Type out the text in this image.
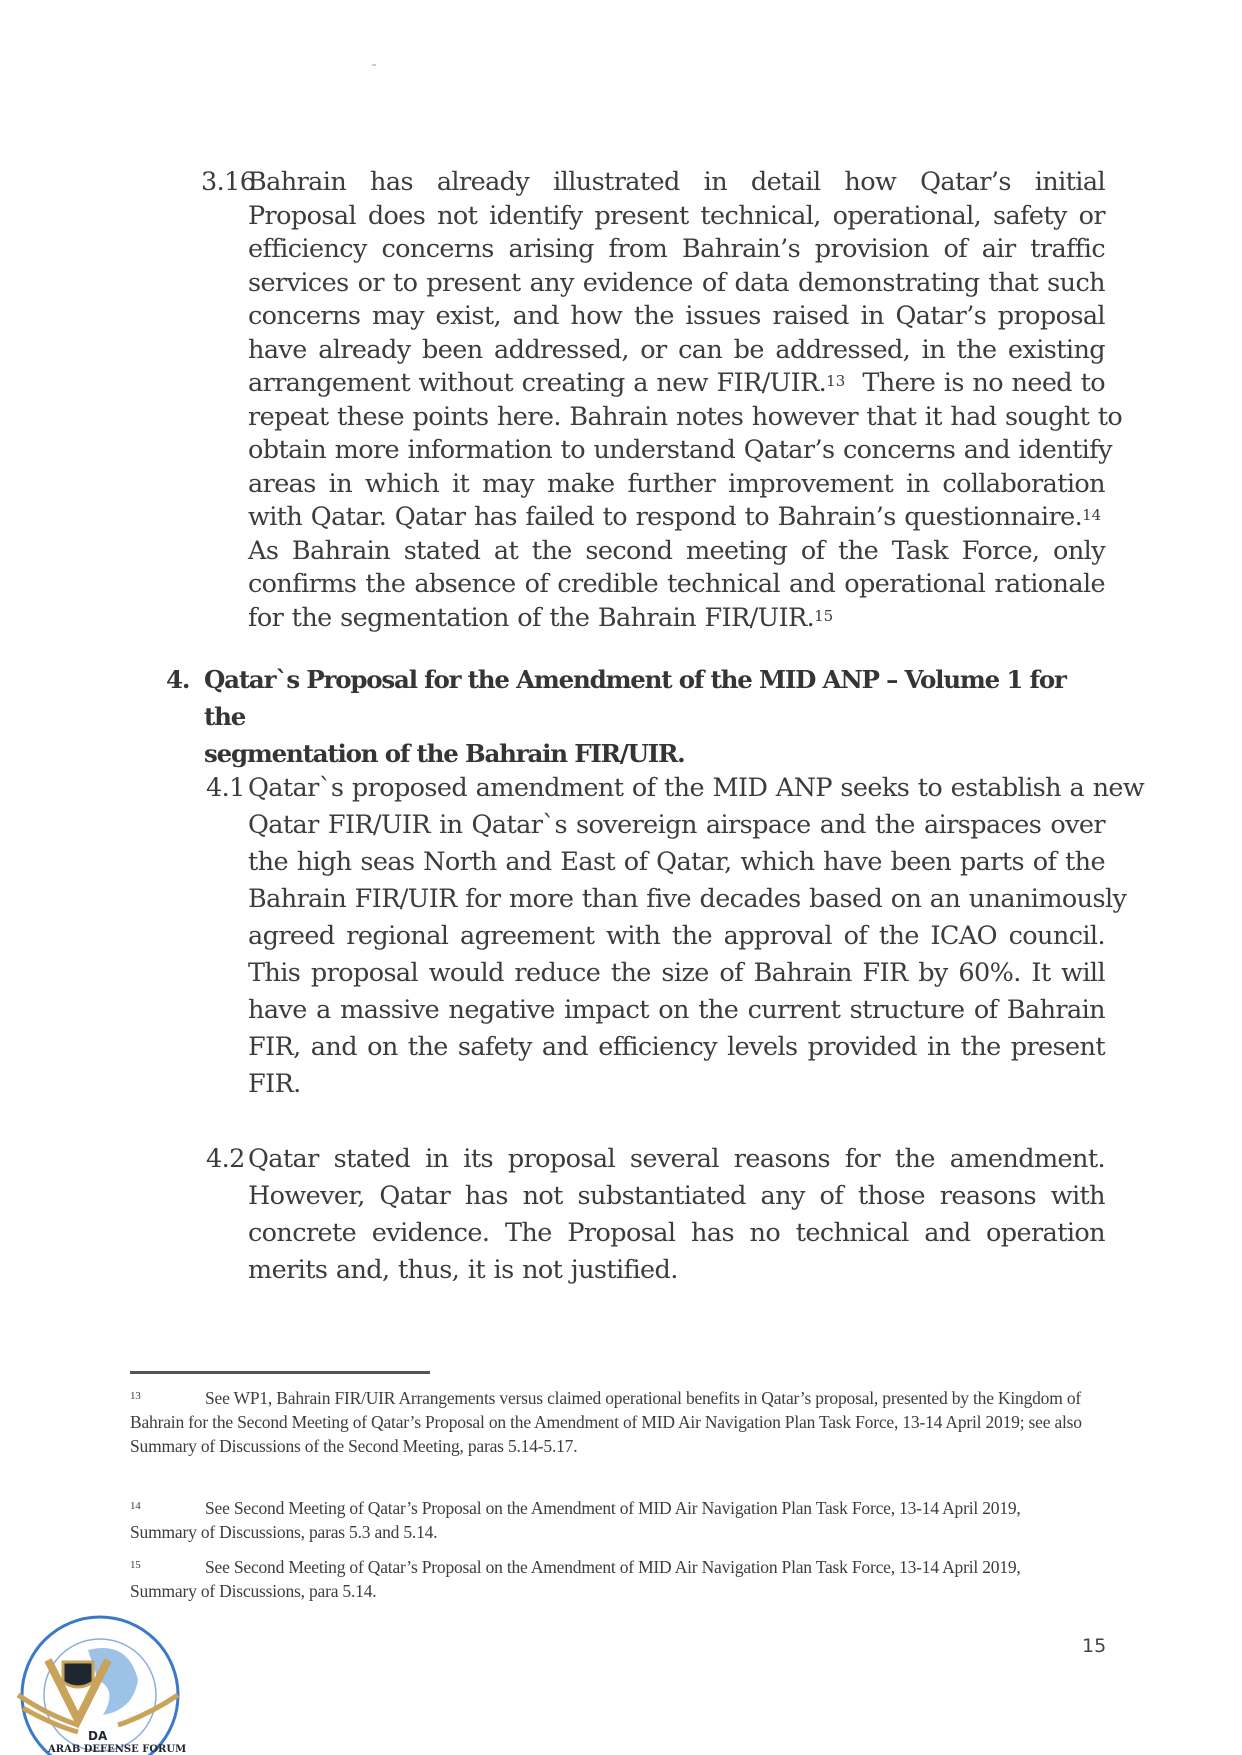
3.16
Bahrain has already illustrated in detail how Qatar’s initial
Proposal does not identify present technical, operational, safety or
efficiency concerns arising from Bahrain’s provision of air traffic
services or to present any evidence of data demonstrating that such
concerns may exist, and how the issues raised in Qatar’s proposal
have already been addressed, or can be addressed, in the existing
arrangement without creating a new FIR/UIR.$^{13}$ There is no need to
repeat these points here. Bahrain notes however that it had sought to
obtain more information to understand Qatar’s concerns and identify
areas in which it may make further improvement in collaboration
with Qatar. Qatar has failed to respond to Bahrain’s questionnaire.$^{14}$
As Bahrain stated at the second meeting of the Task Force, only
confirms the absence of credible technical and operational rationale
for the segmentation of the Bahrain FIR/UIR.$^{15}$
4. Qatar`s Proposal for the Amendment of the MID ANP – Volume 1 for the
segmentation of the Bahrain FIR/UIR.
4.1 Qatar`s proposed amendment of the MID ANP seeks to establish a new
Qatar FIR/UIR in Qatar`s sovereign airspace and the airspaces over
the high seas North and East of Qatar, which have been parts of the
Bahrain FIR/UIR for more than five decades based on an unanimously
agreed regional agreement with the approval of the ICAO council.
This proposal would reduce the size of Bahrain FIR by 60%. It will
have a massive negative impact on the current structure of Bahrain
FIR, and on the safety and efficiency levels provided in the present
FIR.
4.2 Qatar stated in its proposal several reasons for the amendment.
However, Qatar has not substantiated any of those reasons with
concrete evidence. The Proposal has no technical and operation
merits and, thus, it is not justified.
13	See WP1, Bahrain FIR/UIR Arrangements versus claimed operational benefits in Qatar’s proposal, presented by the Kingdom of Bahrain for the Second Meeting of Qatar’s Proposal on the Amendment of MID Air Navigation Plan Task Force, 13-14 April 2019; see also Summary of Discussions of the Second Meeting, paras 5.14-5.17.
14	See Second Meeting of Qatar’s Proposal on the Amendment of MID Air Navigation Plan Task Force, 13-14 April 2019, Summary of Discussions, paras 5.3 and 5.14.
15	See Second Meeting of Qatar’s Proposal on the Amendment of MID Air Navigation Plan Task Force, 13-14 April 2019, Summary of Discussions, para 5.14.
15
DA
ARAB DEFENSE FORUM
